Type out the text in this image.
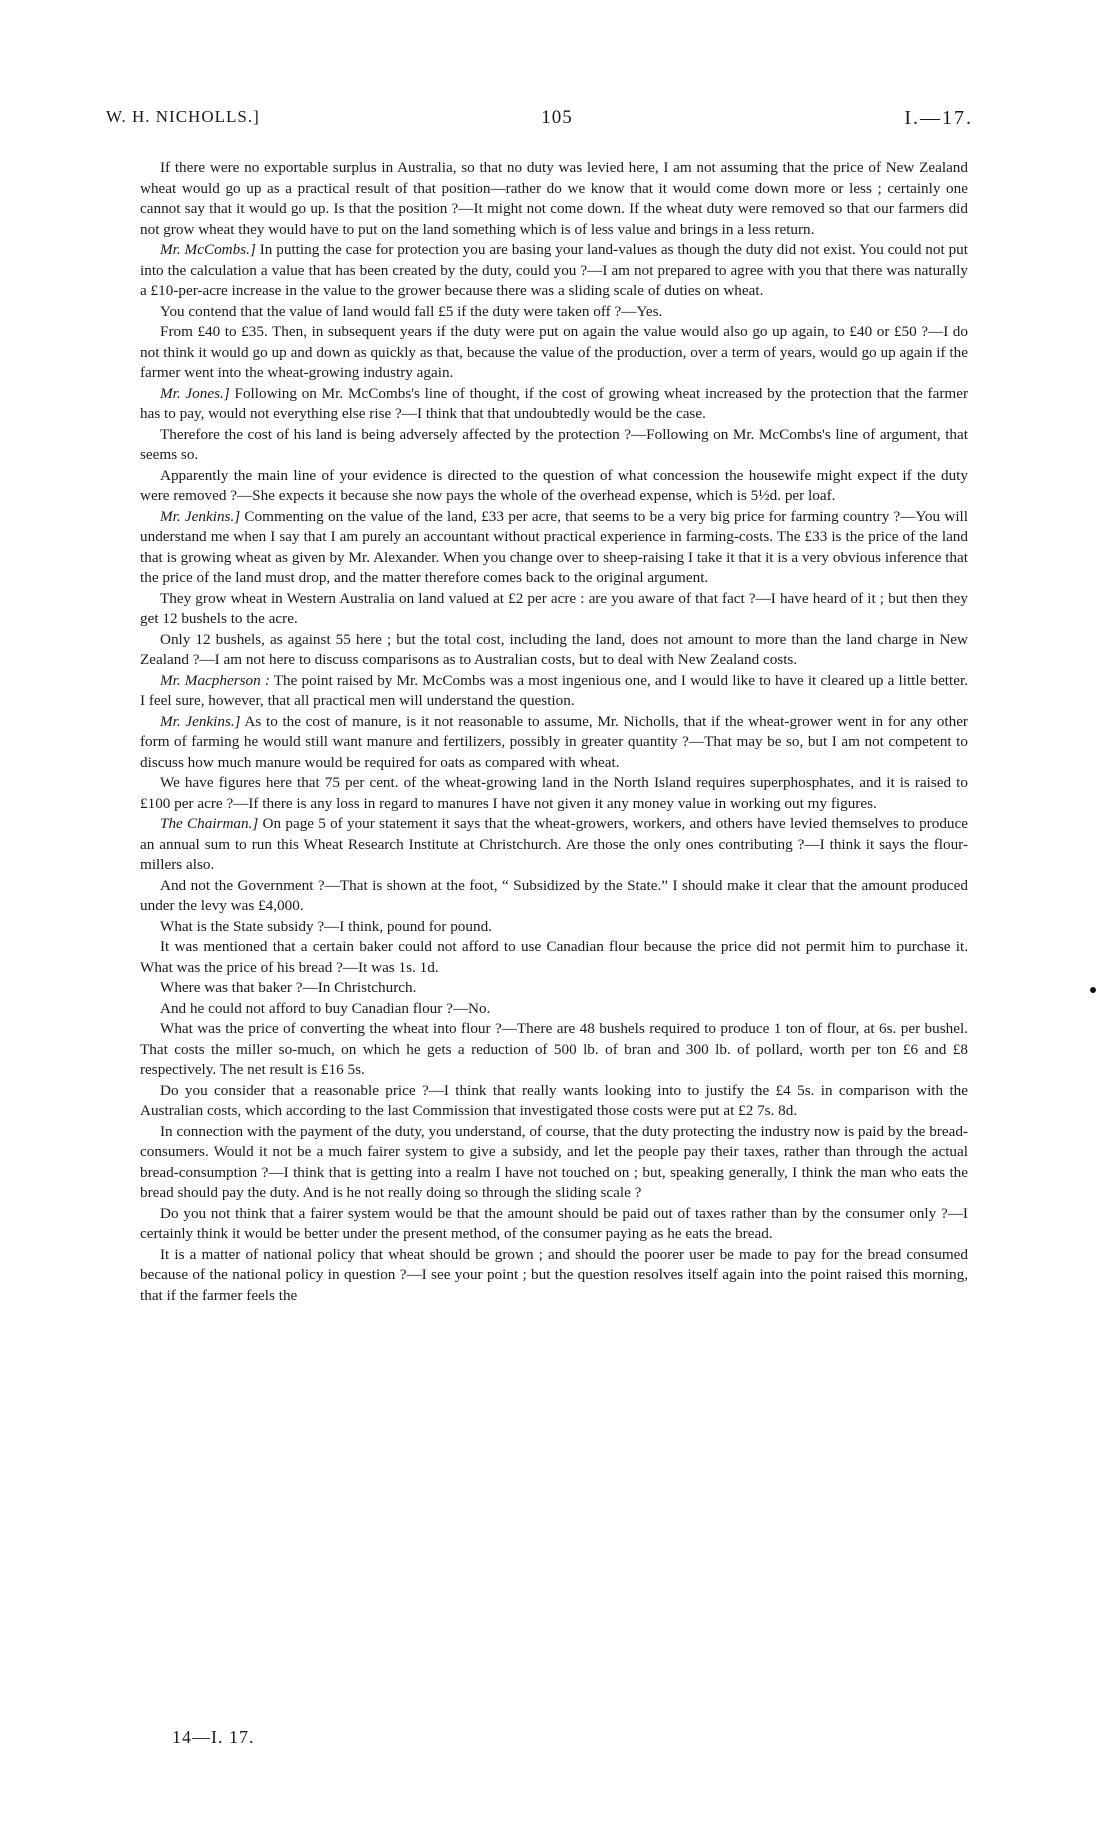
W. H. NICHOLLS.]	105	I.—17.

If there were no exportable surplus in Australia, so that no duty was levied here, I am not assuming that the price of New Zealand wheat would go up as a practical result of that position—rather do we know that it would come down more or less ; certainly one cannot say that it would go up. Is that the position ?—It might not come down. If the wheat duty were removed so that our farmers did not grow wheat they would have to put on the land something which is of less value and brings in a less return.

Mr. McCombs.] In putting the case for protection you are basing your land-values as though the duty did not exist. You could not put into the calculation a value that has been created by the duty, could you ?—I am not prepared to agree with you that there was naturally a £10-per-acre increase in the value to the grower because there was a sliding scale of duties on wheat.

You contend that the value of land would fall £5 if the duty were taken off ?—Yes.

From £40 to £35. Then, in subsequent years if the duty were put on again the value would also go up again, to £40 or £50 ?—I do not think it would go up and down as quickly as that, because the value of the production, over a term of years, would go up again if the farmer went into the wheat-growing industry again.

Mr. Jones.] Following on Mr. McCombs's line of thought, if the cost of growing wheat increased by the protection that the farmer has to pay, would not everything else rise ?—I think that that undoubtedly would be the case.

Therefore the cost of his land is being adversely affected by the protection ?—Following on Mr. McCombs's line of argument, that seems so.

Apparently the main line of your evidence is directed to the question of what concession the housewife might expect if the duty were removed ?—She expects it because she now pays the whole of the overhead expense, which is 5½d. per loaf.

Mr. Jenkins.] Commenting on the value of the land, £33 per acre, that seems to be a very big price for farming country ?—You will understand me when I say that I am purely an accountant without practical experience in farming-costs. The £33 is the price of the land that is growing wheat as given by Mr. Alexander. When you change over to sheep-raising I take it that it is a very obvious inference that the price of the land must drop, and the matter therefore comes back to the original argument.

They grow wheat in Western Australia on land valued at £2 per acre : are you aware of that fact ?—I have heard of it ; but then they get 12 bushels to the acre.

Only 12 bushels, as against 55 here ; but the total cost, including the land, does not amount to more than the land charge in New Zealand ?—I am not here to discuss comparisons as to Australian costs, but to deal with New Zealand costs.

Mr. Macpherson : The point raised by Mr. McCombs was a most ingenious one, and I would like to have it cleared up a little better. I feel sure, however, that all practical men will understand the question.

Mr. Jenkins.] As to the cost of manure, is it not reasonable to assume, Mr. Nicholls, that if the wheat-grower went in for any other form of farming he would still want manure and fertilizers, possibly in greater quantity ?—That may be so, but I am not competent to discuss how much manure would be required for oats as compared with wheat.

We have figures here that 75 per cent. of the wheat-growing land in the North Island requires superphosphates, and it is raised to £100 per acre ?—If there is any loss in regard to manures I have not given it any money value in working out my figures.

The Chairman.] On page 5 of your statement it says that the wheat-growers, workers, and others have levied themselves to produce an annual sum to run this Wheat Research Institute at Christchurch. Are those the only ones contributing ?—I think it says the flour-millers also.

And not the Government ?—That is shown at the foot, “ Subsidized by the State.” I should make it clear that the amount produced under the levy was £4,000.

What is the State subsidy ?—I think, pound for pound.

It was mentioned that a certain baker could not afford to use Canadian flour because the price did not permit him to purchase it. What was the price of his bread ?—It was 1s. 1d.

Where was that baker ?—In Christchurch.

And he could not afford to buy Canadian flour ?—No.

What was the price of converting the wheat into flour ?—There are 48 bushels required to produce 1 ton of flour, at 6s. per bushel. That costs the miller so-much, on which he gets a reduction of 500 lb. of bran and 300 lb. of pollard, worth per ton £6 and £8 respectively. The net result is £16 5s.

Do you consider that a reasonable price ?—I think that really wants looking into to justify the £4 5s. in comparison with the Australian costs, which according to the last Commission that investigated those costs were put at £2 7s. 8d.

In connection with the payment of the duty, you understand, of course, that the duty protecting the industry now is paid by the bread-consumers. Would it not be a much fairer system to give a subsidy, and let the people pay their taxes, rather than through the actual bread-consumption ?—I think that is getting into a realm I have not touched on ; but, speaking generally, I think the man who eats the bread should pay the duty. And is he not really doing so through the sliding scale ?

Do you not think that a fairer system would be that the amount should be paid out of taxes rather than by the consumer only ?—I certainly think it would be better under the present method, of the consumer paying as he eats the bread.

It is a matter of national policy that wheat should be grown ; and should the poorer user be made to pay for the bread consumed because of the national policy in question ?—I see your point ; but the question resolves itself again into the point raised this morning, that if the farmer feels the

14—I. 17.
